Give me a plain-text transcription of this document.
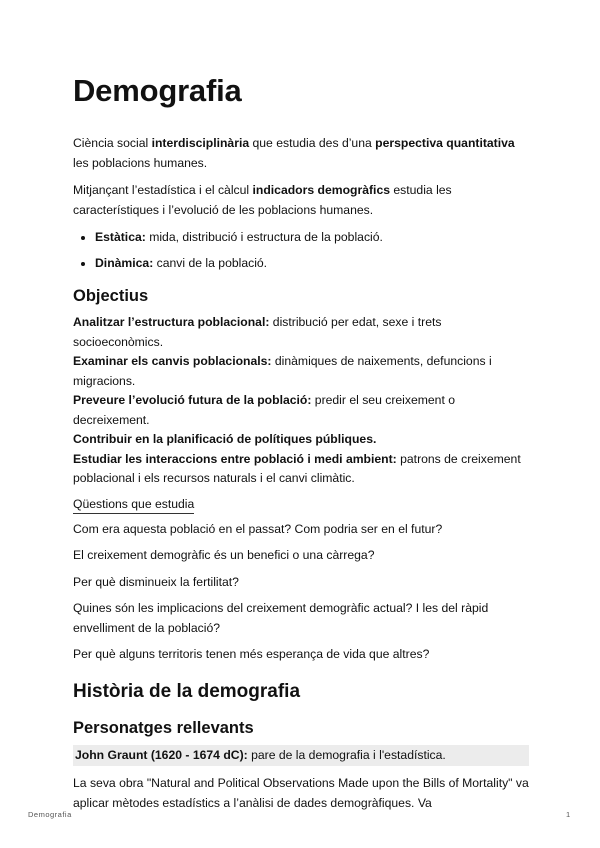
Demografia

Ciència social interdisciplinària que estudia des d’una perspectiva quantitativa les poblacions humanes.

Mitjançant l’estadística i el càlcul indicadors demogràfics estudia les característiques i l’evolució de les poblacions humanes.

• Estàtica: mida, distribució i estructura de la població.
• Dinàmica: canvi de la població.
Objectius

Analitzar l’estructura poblacional: distribució per edat, sexe i trets socioeconòmics.

Examinar els canvis poblacionals: dinàmiques de naixements, defuncions i migracions.

Preveure l’evolució futura de la població: predir el seu creixement o decreixement.

Contribuir en la planificació de polítiques públiques.

Estudiar les interaccions entre població i medi ambient: patrons de creixement poblacional i els recursos naturals i el canvi climàtic.

Qüestions que estudia

Com era aquesta població en el passat? Com podria ser en el futur?

El creixement demogràfic és un benefici o una càrrega?

Per què disminueix la fertilitat?

Quines són les implicacions del creixement demogràfic actual? I les del ràpid envelliment de la població?

Per què alguns territoris tenen més esperança de vida que altres?

Història de la demografia
Personatges rellevants

John Graunt (1620 - 1674 dC): pare de la demografia i l'estadística.

La seva obra "Natural and Political Observations Made upon the Bills of Mortality" va aplicar mètodes estadístics a l’anàlisi de dades demogràfiques. Va

Demografia	1
